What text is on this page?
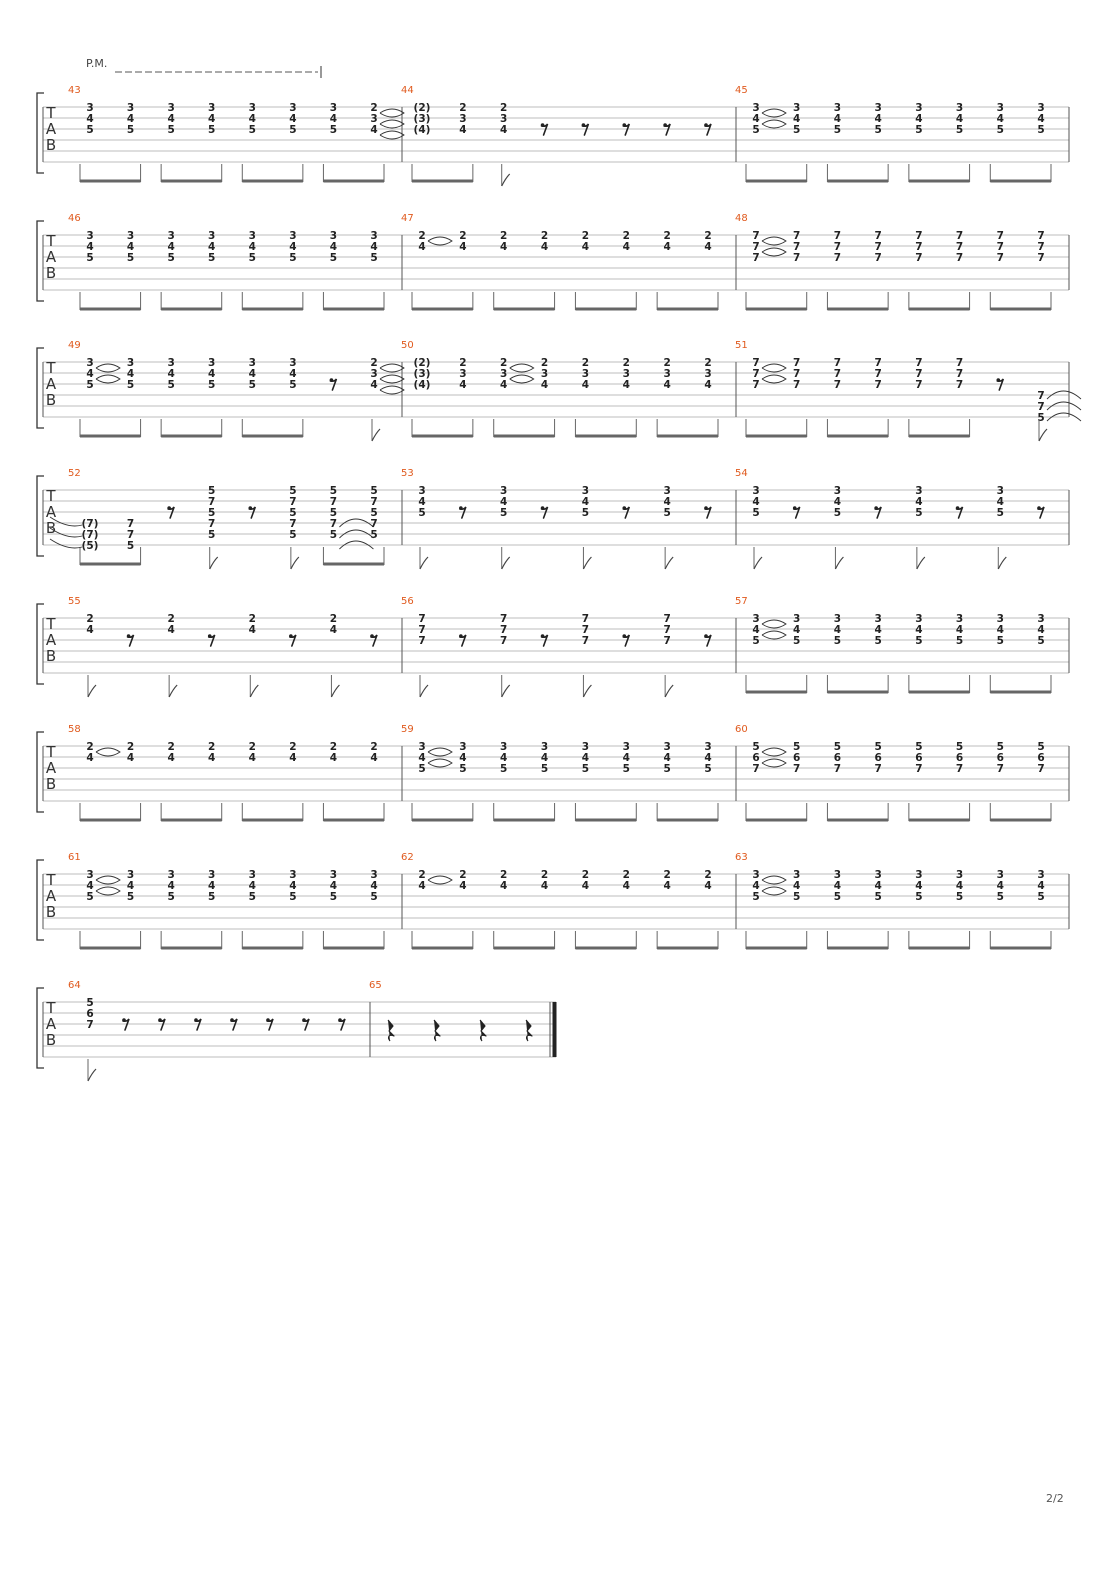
P.M.
T
A
B
43
3
4
5
3
4
5
3
4
5
3
4
5
3
4
5
3
4
5
3
4
5
2
3
4
44
(2)
(3)
(4)
2
3
4
2
3
4
45
3
4
5
3
4
5
3
4
5
3
4
5
3
4
5
3
4
5
3
4
5
3
4
5
T
A
B
46
3
4
5
3
4
5
3
4
5
3
4
5
3
4
5
3
4
5
3
4
5
3
4
5
47
2
4
2
4
2
4
2
4
2
4
2
4
2
4
2
4
48
7
7
7
7
7
7
7
7
7
7
7
7
7
7
7
7
7
7
7
7
7
7
7
7
T
A
B
49
3
4
5
3
4
5
3
4
5
3
4
5
3
4
5
3
4
5
2
3
4
50
(2)
(3)
(4)
2
3
4
2
3
4
2
3
4
2
3
4
2
3
4
2
3
4
2
3
4
51
7
7
7
7
7
7
7
7
7
7
7
7
7
7
7
7
7
7
7
7
5
T
A
B
52
(7)
(7)
(5)
7
7
5
5
7
5
7
5
5
7
5
7
5
5
7
5
7
5
5
7
5
7
5
53
3
4
5
3
4
5
3
4
5
3
4
5
54
3
4
5
3
4
5
3
4
5
3
4
5
T
A
B
55
2
4
2
4
2
4
2
4
56
7
7
7
7
7
7
7
7
7
7
7
7
57
3
4
5
3
4
5
3
4
5
3
4
5
3
4
5
3
4
5
3
4
5
3
4
5
T
A
B
58
2
4
2
4
2
4
2
4
2
4
2
4
2
4
2
4
59
3
4
5
3
4
5
3
4
5
3
4
5
3
4
5
3
4
5
3
4
5
3
4
5
60
5
6
7
5
6
7
5
6
7
5
6
7
5
6
7
5
6
7
5
6
7
5
6
7
T
A
B
61
3
4
5
3
4
5
3
4
5
3
4
5
3
4
5
3
4
5
3
4
5
3
4
5
62
2
4
2
4
2
4
2
4
2
4
2
4
2
4
2
4
63
3
4
5
3
4
5
3
4
5
3
4
5
3
4
5
3
4
5
3
4
5
3
4
5
T
A
B
64
5
6
7
65
2/2
